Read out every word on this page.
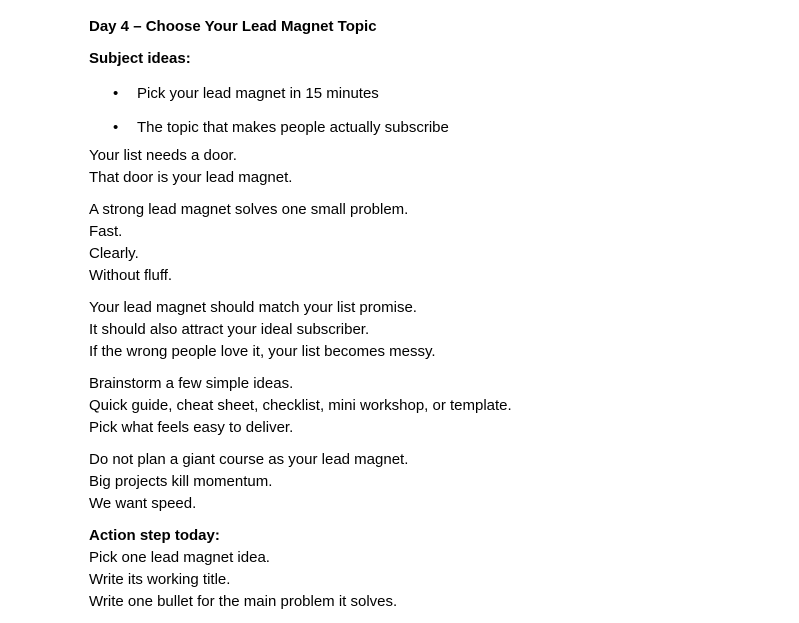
Day 4 – Choose Your Lead Magnet Topic
Subject ideas:
• Pick your lead magnet in 15 minutes
• The topic that makes people actually subscribe

Your list needs a door.
That door is your lead magnet.

A strong lead magnet solves one small problem.
Fast.
Clearly.
Without fluff.

Your lead magnet should match your list promise.
It should also attract your ideal subscriber.
If the wrong people love it, your list becomes messy.

Brainstorm a few simple ideas.
Quick guide, cheat sheet, checklist, mini workshop, or template.
Pick what feels easy to deliver.

Do not plan a giant course as your lead magnet.
Big projects kill momentum.
We want speed.

Action step today:
Pick one lead magnet idea.
Write its working title.
Write one bullet for the main problem it solves.
